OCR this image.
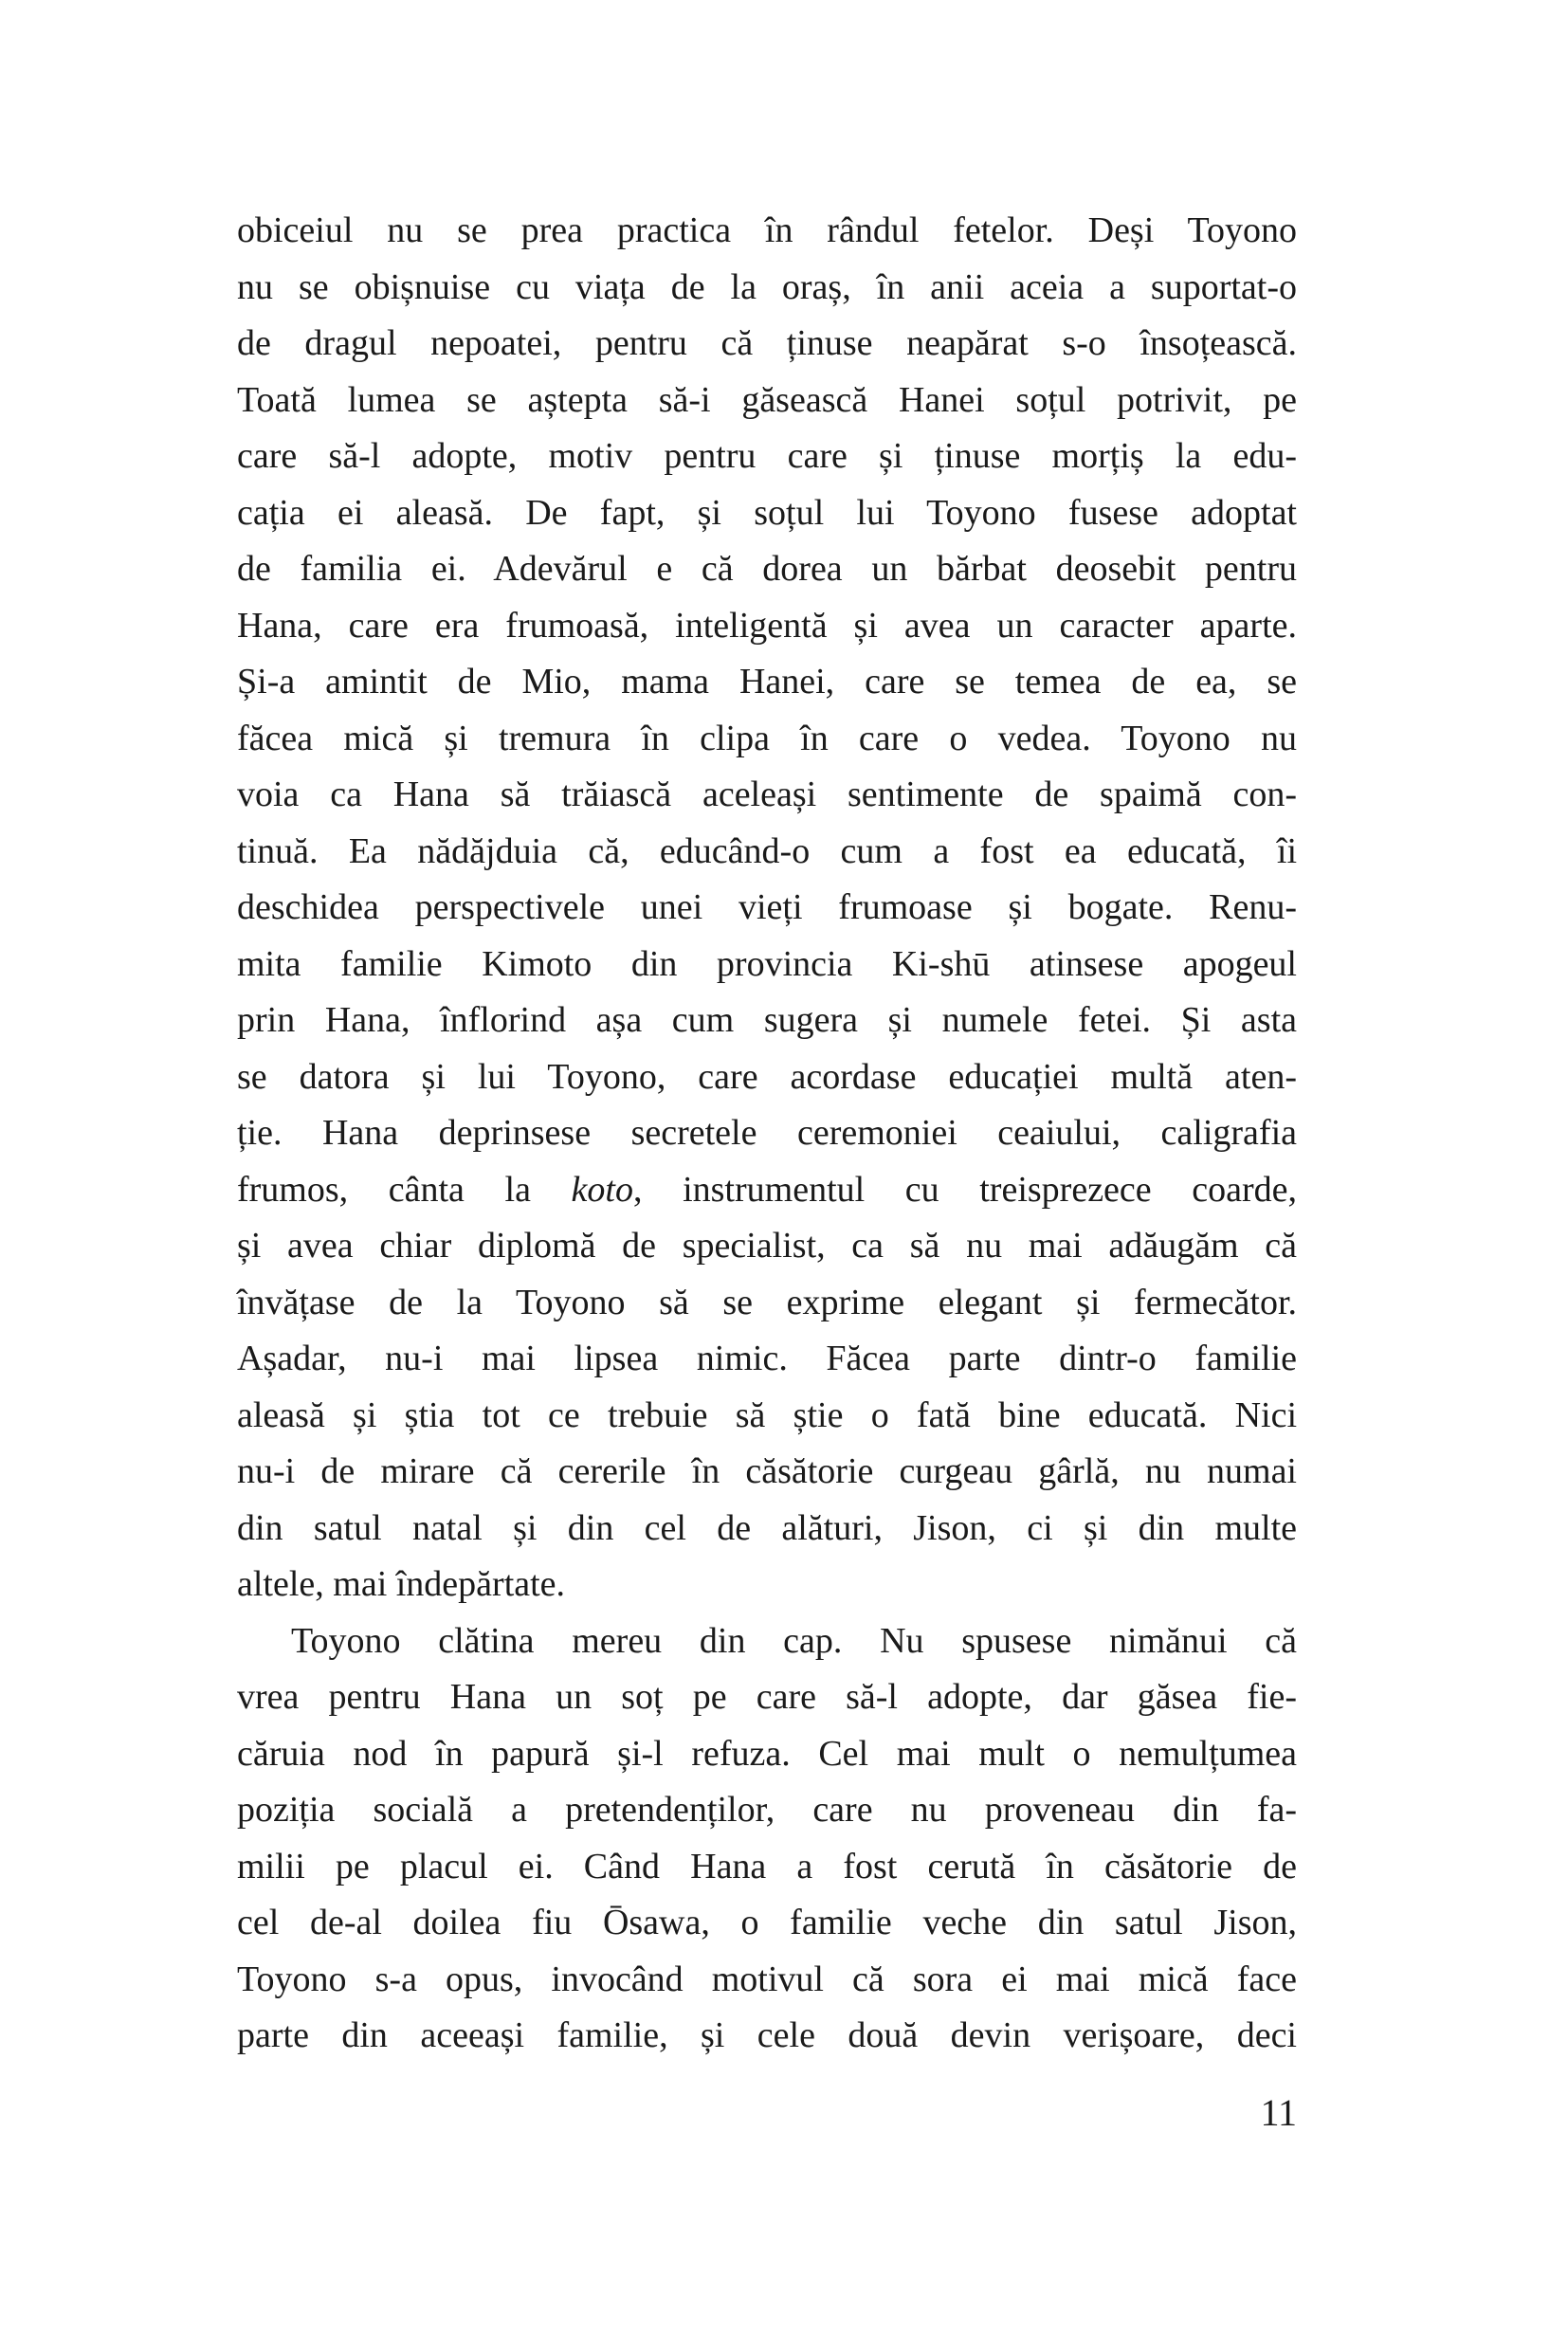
obiceiul nu se prea practica în rândul fetelor. Deși Toyono
nu se obișnuise cu viața de la oraș, în anii aceia a suportat-o
de dragul nepoatei, pentru că ținuse neapărat s-o însoțească.
Toată lumea se aștepta să-i găsească Hanei soțul potrivit, pe
care să-l adopte, motiv pentru care și ținuse morțiș la edu-
cația ei aleasă. De fapt, și soțul lui Toyono fusese adoptat
de familia ei. Adevărul e că dorea un bărbat deosebit pentru
Hana, care era frumoasă, inteligentă și avea un caracter aparte.
Și-a amintit de Mio, mama Hanei, care se temea de ea, se
făcea mică și tremura în clipa în care o vedea. Toyono nu
voia ca Hana să trăiască aceleași sentimente de spaimă con-
tinuă. Ea nădăjduia că, educând-o cum a fost ea educată, îi
deschidea perspectivele unei vieți frumoase și bogate. Renu-
mita familie Kimoto din provincia Ki-shū atinsese apogeul
prin Hana, înflorind așa cum sugera și numele fetei. Și asta
se datora și lui Toyono, care acordase educației multă aten-
ție. Hana deprinsese secretele ceremoniei ceaiului, caligrafia
frumos, cânta la koto, instrumentul cu treisprezece coarde,
și avea chiar diplomă de specialist, ca să nu mai adăugăm că
învățase de la Toyono să se exprime elegant și fermecător.
Așadar, nu-i mai lipsea nimic. Făcea parte dintr-o familie
aleasă și știa tot ce trebuie să știe o fată bine educată. Nici
nu-i de mirare că cererile în căsătorie curgeau gârlă, nu numai
din satul natal și din cel de alături, Jison, ci și din multe
altele, mai îndepărtate.
Toyono clătina mereu din cap. Nu spusese nimănui că
vrea pentru Hana un soț pe care să-l adopte, dar găsea fie-
căruia nod în papură și-l refuza. Cel mai mult o nemulțumea
poziția socială a pretendenților, care nu proveneau din fa-
milii pe placul ei. Când Hana a fost cerută în căsătorie de
cel de-al doilea fiu Ōsawa, o familie veche din satul Jison,
Toyono s-a opus, invocând motivul că sora ei mai mică face
parte din aceeași familie, și cele două devin verișoare, deci
11
